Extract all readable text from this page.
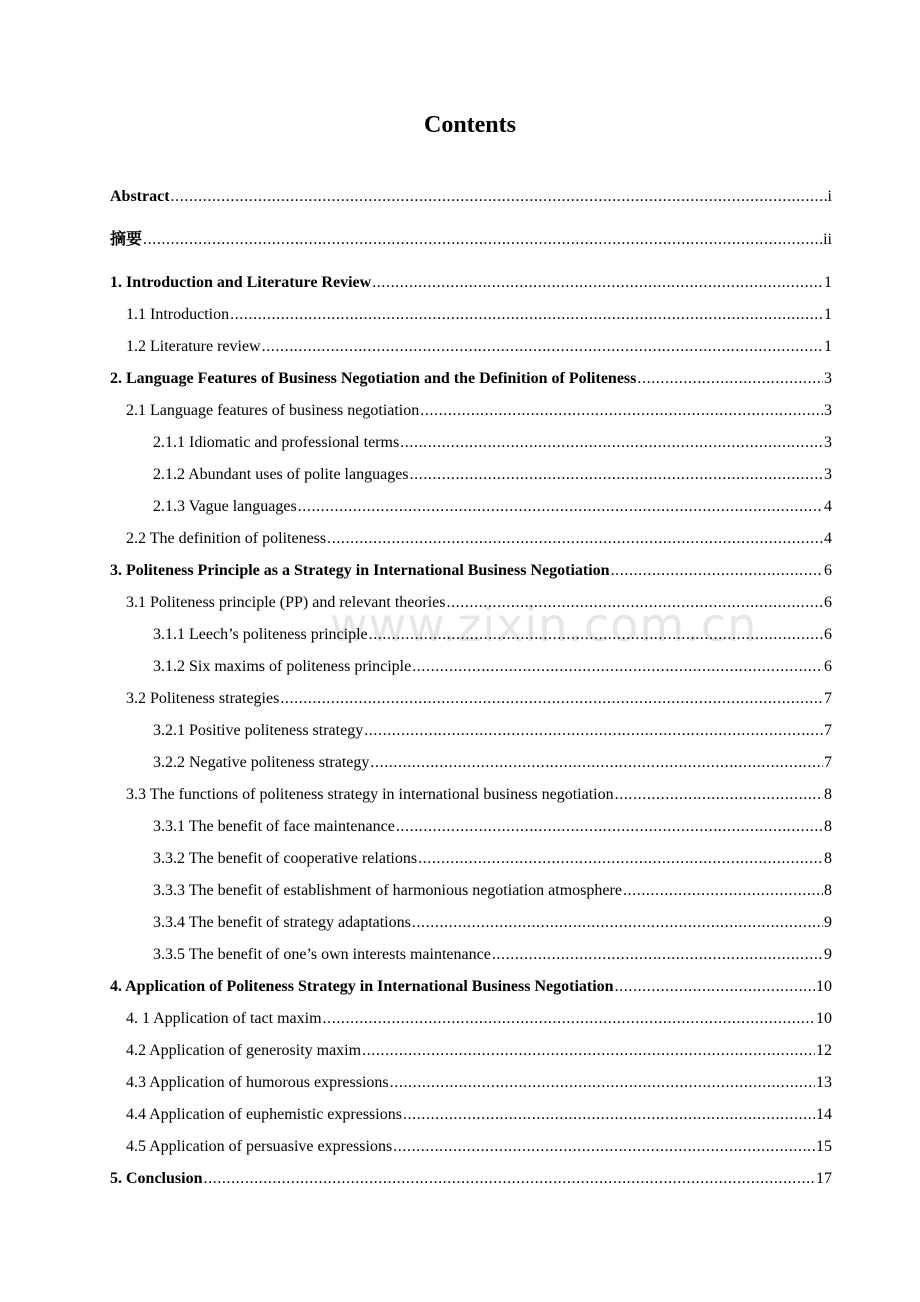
www.zixin.com.cn
Contents
Abstract .....	i
摘要 .....	ii
1. Introduction and Literature Review .....	1
1.1 Introduction .....	1
1.2 Literature review .....	1
2. Language Features of Business Negotiation and the Definition of Politeness .....	3
2.1 Language features of business negotiation .....	3
2.1.1 Idiomatic and professional terms .....	3
2.1.2 Abundant uses of polite languages .....	3
2.1.3 Vague languages .....	4
2.2 The definition of politeness .....	4
3. Politeness Principle as a Strategy in International Business Negotiation .....	6
3.1 Politeness principle (PP) and relevant theories .....	6
3.1.1 Leech’s politeness principle .....	6
3.1.2 Six maxims of politeness principle .....	6
3.2 Politeness strategies .....	7
3.2.1 Positive politeness strategy .....	7
3.2.2 Negative politeness strategy .....	7
3.3 The functions of politeness strategy in international business negotiation .....	8
3.3.1 The benefit of face maintenance .....	8
3.3.2 The benefit of cooperative relations .....	8
3.3.3 The benefit of establishment of harmonious negotiation atmosphere .....	8
3.3.4 The benefit of strategy adaptations .....	9
3.3.5 The benefit of one’s own interests maintenance .....	9
4. Application of Politeness Strategy in International Business Negotiation .....	10
4. 1 Application of tact maxim .....	10
4.2 Application of generosity maxim .....	12
4.3 Application of humorous expressions .....	13
4.4 Application of euphemistic expressions .....	14
4.5 Application of persuasive expressions .....	15
5. Conclusion .....	17
